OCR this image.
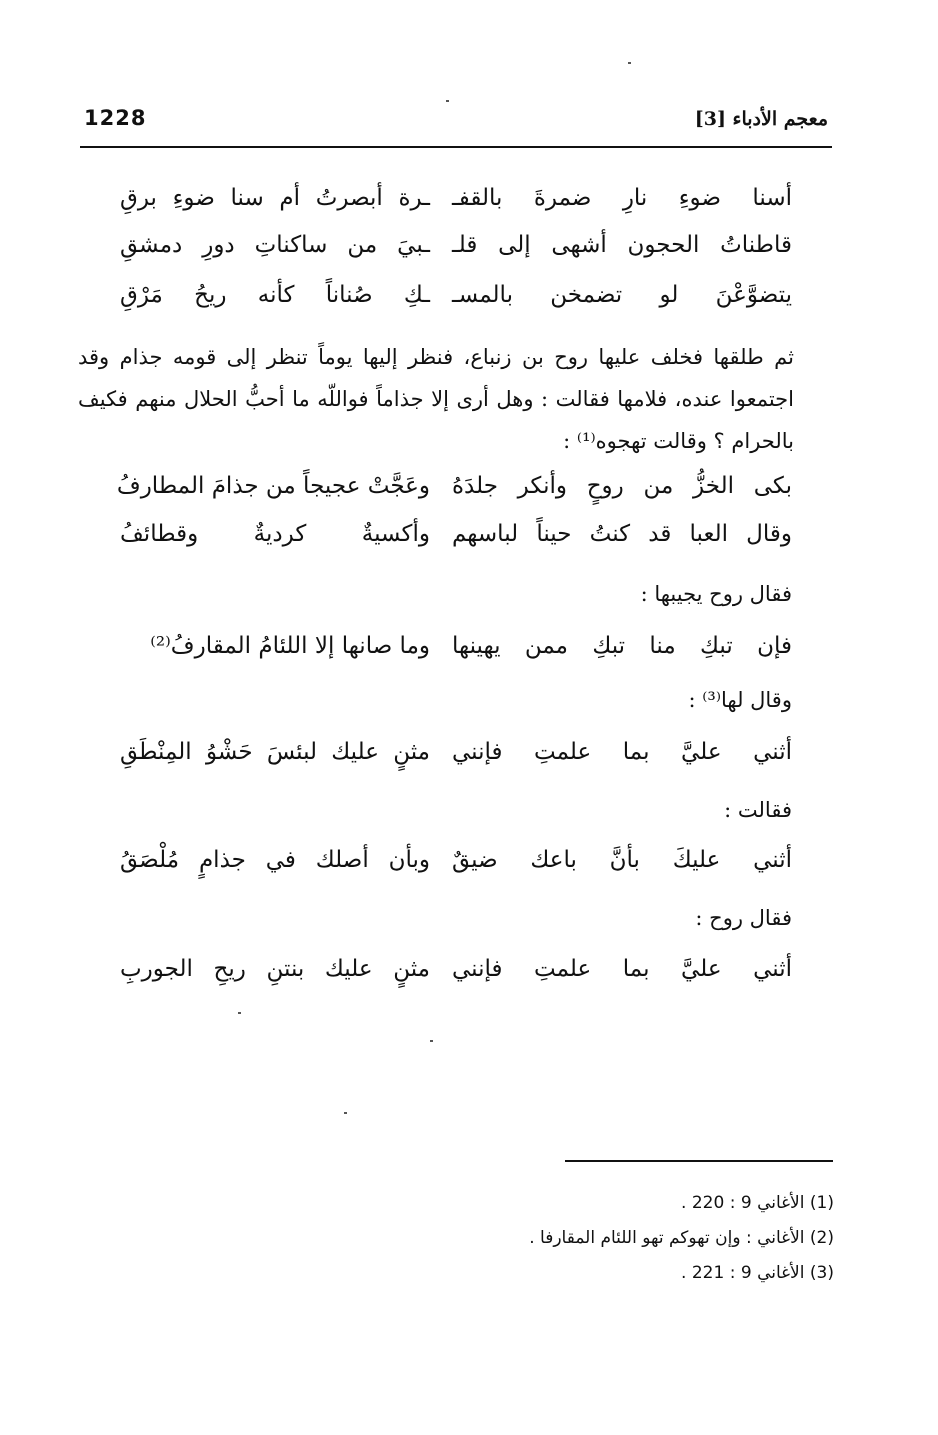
معجم الأدباء [3]
1228
أسنا ضوءِ نارِ ضمرةَ بالقفـ
ـرة أبصرتُ أم سنا ضوءِ برقِ
قاطناتُ الحجون أشهى إلى قلـ
ـبيَ من ساكناتِ دورِ دمشقِ
يتضوَّعْنَ لو تضمخن بالمسـ
ـكِ صُناناً كأنه ريحُ مَرْقِ
ثم طلقها فخلف عليها روح بن زنباع، فنظر إليها يوماً تنظر إلى قومه جذام وقد اجتمعوا عنده، فلامها فقالت : وهل أرى إلا جذاماً فواللّه ما أحبُّ الحلال منهم فكيف بالحرام ؟ وقالت تهجوه⁽¹⁾ :
بكى الخزُّ من روحٍ وأنكر جلدَهُ
وعَجَّتْ عجيجاً من جذامَ المطارفُ
وقال العبا قد كنتُ حيناً لباسهم
وأكسيةٌ كرديةٌ وقطائفُ
فقال روح يجيبها :
فإن تبكِ منا تبكِ ممن يهينها
وما صانها إلا اللئامُ المقارفُ⁽²⁾
وقال لها⁽³⁾ :
أثني عليَّ بما علمتِ فإنني
مثنٍ عليك لبئسَ حَشْوُ المِنْطَقِ
فقالت :
أثني عليكَ بأنَّ باعك ضيقٌ
وبأن أصلك في جذامٍ مُلْصَقُ
فقال روح :
أثني عليَّ بما علمتِ فإنني
مثنٍ عليك بنتنِ ريحِ الجوربِ
(1) الأغاني 9 : 220 .
(2) الأغاني : وإن تهوكم تهو اللئام المقارفا .
(3) الأغاني 9 : 221 .
